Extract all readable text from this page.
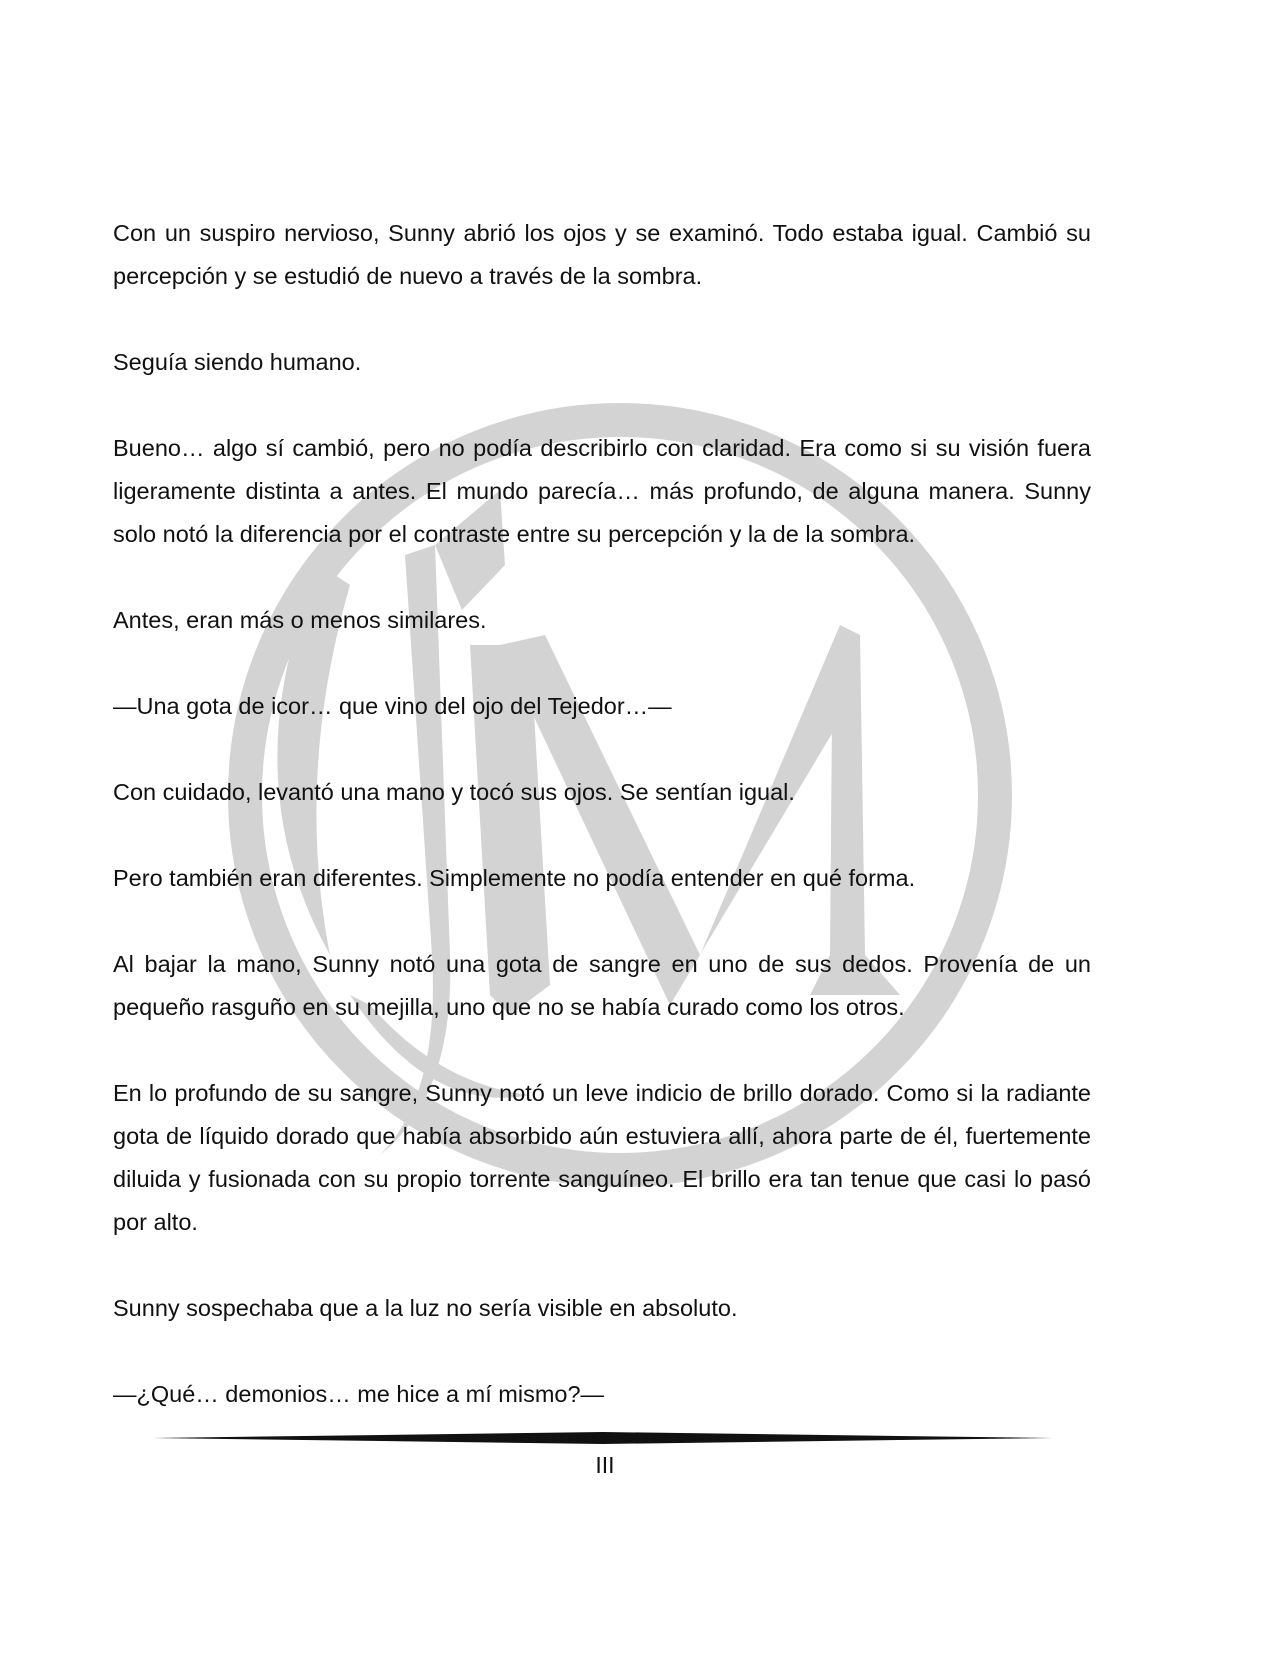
Con un suspiro nervioso, Sunny abrió los ojos y se examinó. Todo estaba igual. Cambió su percepción y se estudió de nuevo a través de la sombra.

Seguía siendo humano.

Bueno… algo sí cambió, pero no podía describirlo con claridad. Era como si su visión fuera ligeramente distinta a antes. El mundo parecía… más profundo, de alguna manera. Sunny solo notó la diferencia por el contraste entre su percepción y la de la sombra.

Antes, eran más o menos similares.

—Una gota de icor… que vino del ojo del Tejedor…—

Con cuidado, levantó una mano y tocó sus ojos. Se sentían igual.

Pero también eran diferentes. Simplemente no podía entender en qué forma.

Al bajar la mano, Sunny notó una gota de sangre en uno de sus dedos. Provenía de un pequeño rasguño en su mejilla, uno que no se había curado como los otros.

En lo profundo de su sangre, Sunny notó un leve indicio de brillo dorado. Como si la radiante gota de líquido dorado que había absorbido aún estuviera allí, ahora parte de él, fuertemente diluida y fusionada con su propio torrente sanguíneo. El brillo era tan tenue que casi lo pasó por alto.

Sunny sospechaba que a la luz no sería visible en absoluto.

—¿Qué… demonios… me hice a mí mismo?—

III
